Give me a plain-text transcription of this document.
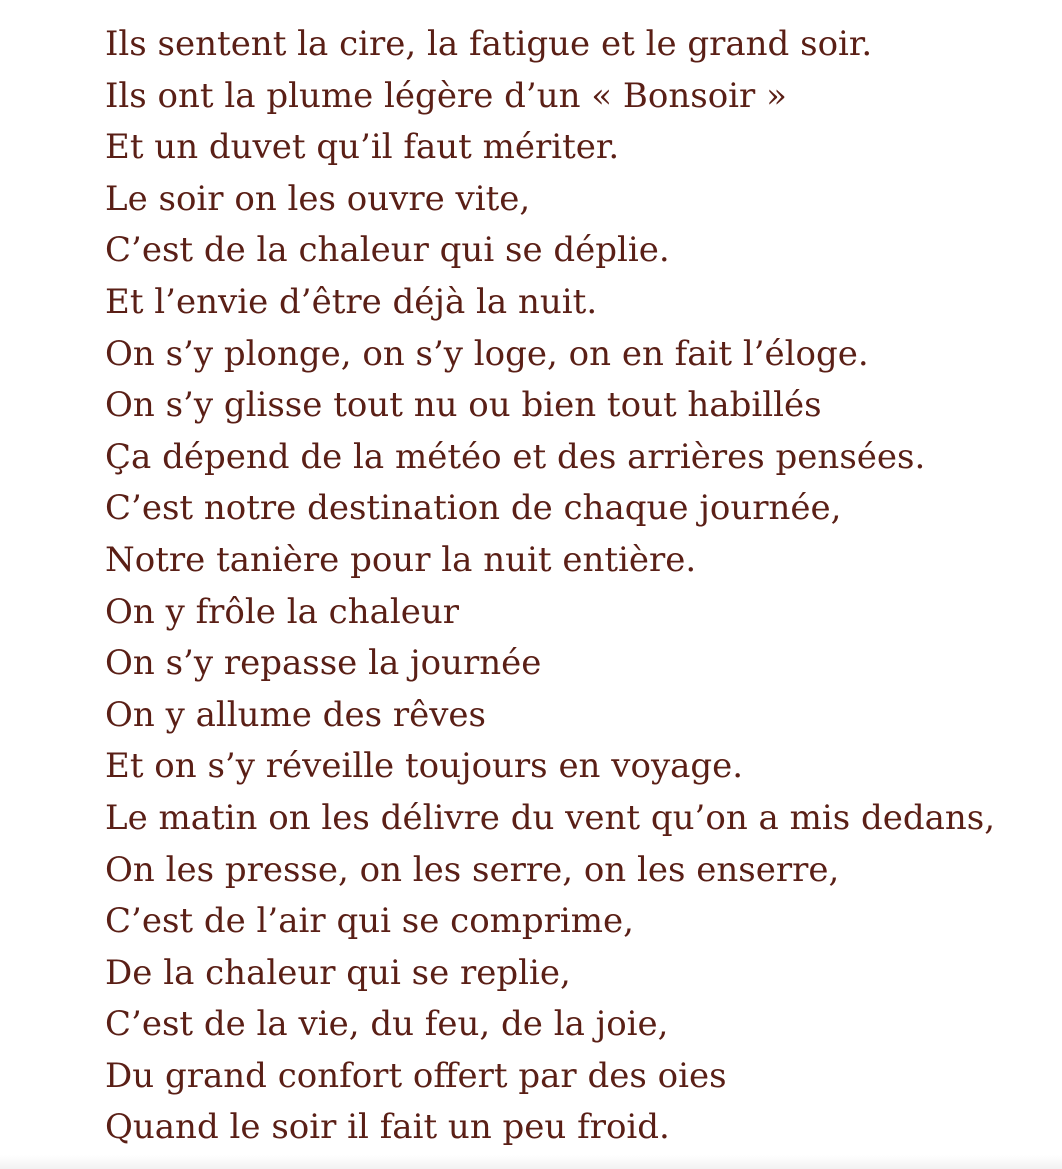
Ils sentent la cire, la fatigue et le grand soir.
Ils ont la plume légère d’un « Bonsoir »
Et un duvet qu’il faut mériter.
Le soir on les ouvre vite,
C’est de la chaleur qui se déplie.
Et l’envie d’être déjà la nuit.
On s’y plonge, on s’y loge, on en fait l’éloge.
On s’y glisse tout nu ou bien tout habillés
Ça dépend de la météo et des arrières pensées.
C’est notre destination de chaque journée,
Notre tanière pour la nuit entière.
On y frôle la chaleur
On s’y repasse la journée
On y allume des rêves
Et on s’y réveille toujours en voyage.
Le matin on les délivre du vent qu’on a mis dedans,
On les presse, on les serre, on les enserre,
C’est de l’air qui se comprime,
De la chaleur qui se replie,
C’est de la vie, du feu, de la joie,
Du grand confort offert par des oies
Quand le soir il fait un peu froid.
